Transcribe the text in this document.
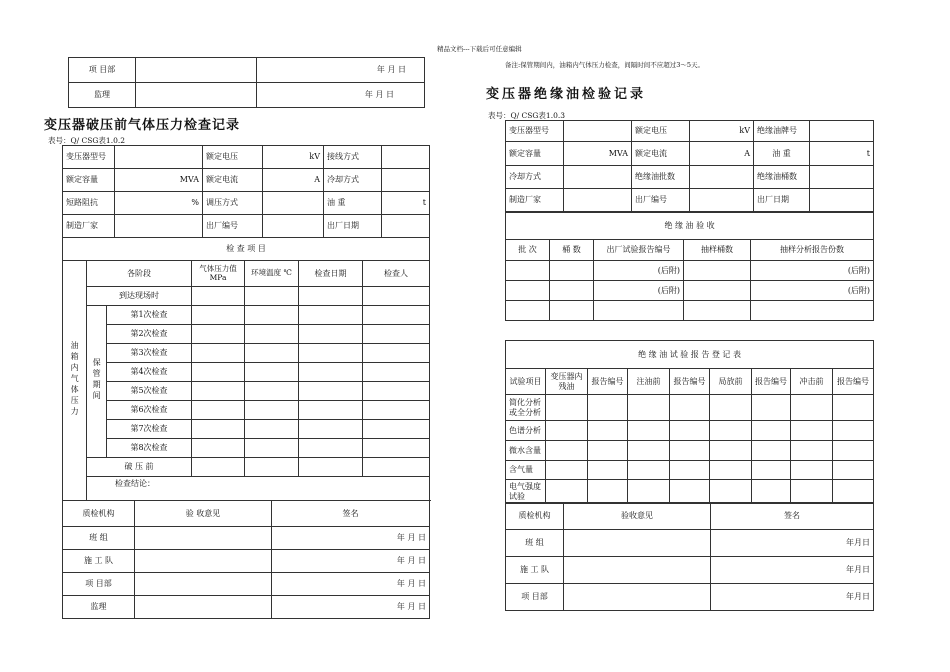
精品文档---下载后可任意编辑
备注:保管期间内，油箱内气体压力检查，间隔时间不应超过3～5天。
项 目部		年 月 日
监理		年 月 日
变压器破压前气体压力检查记录
表号：Q/ CSG表1.0.2
变压器型号		额定电压	kV	接线方式	
额定容量	MVA	额定电流	A	冷却方式	
短路阻抗	%	调压方式		油 重	t
制造厂家		出厂编号		出厂日期	
检 查 项 目						
油箱内气体压力	各阶段		气体压力值 MPa	环境温度 ℃	检查日期	检查人
	到达现场时					
	保管期间	第1次检查				
		第2次检查				
		第3次检查				
		第4次检查				
		第5次检查				
		第6次检查				
		第7次检查				
		第8次检查				
	破 压 前					
	检查结论：					
质检机构	验 收意见	签名
班 组		年 月 日
施 工 队		年 月 日
项 目部		年 月 日
监理		年 月 日
变压器绝缘油检验记录
表号：Q/ CSG表1.0.3
变压器型号		额定电压	kV	绝缘油牌号	
额定容量	MVA	额定电流	A	油 重	t
冷却方式		绝缘油批数		绝缘油桶数	
制造厂家		出厂编号		出厂日期	
绝 缘 油 验 收				
批 次	桶 数	出厂试验报告编号	抽样桶数	抽样分析报告份数
		(后附)		(后附)
		(后附)		(后附)

绝 缘 油 试 验 报 告 登 记 表								
试验项目	变压器内残油	报告编号	注油前	报告编号	局放前	报告编号	冲击前	报告编号
简化分析或全分析								
色谱分析								
微水含量								
含气量								
电气强度试验								
质检机构	验收意见	签名
班 组		年月日
施 工 队		年月日
项 目部		年月日
